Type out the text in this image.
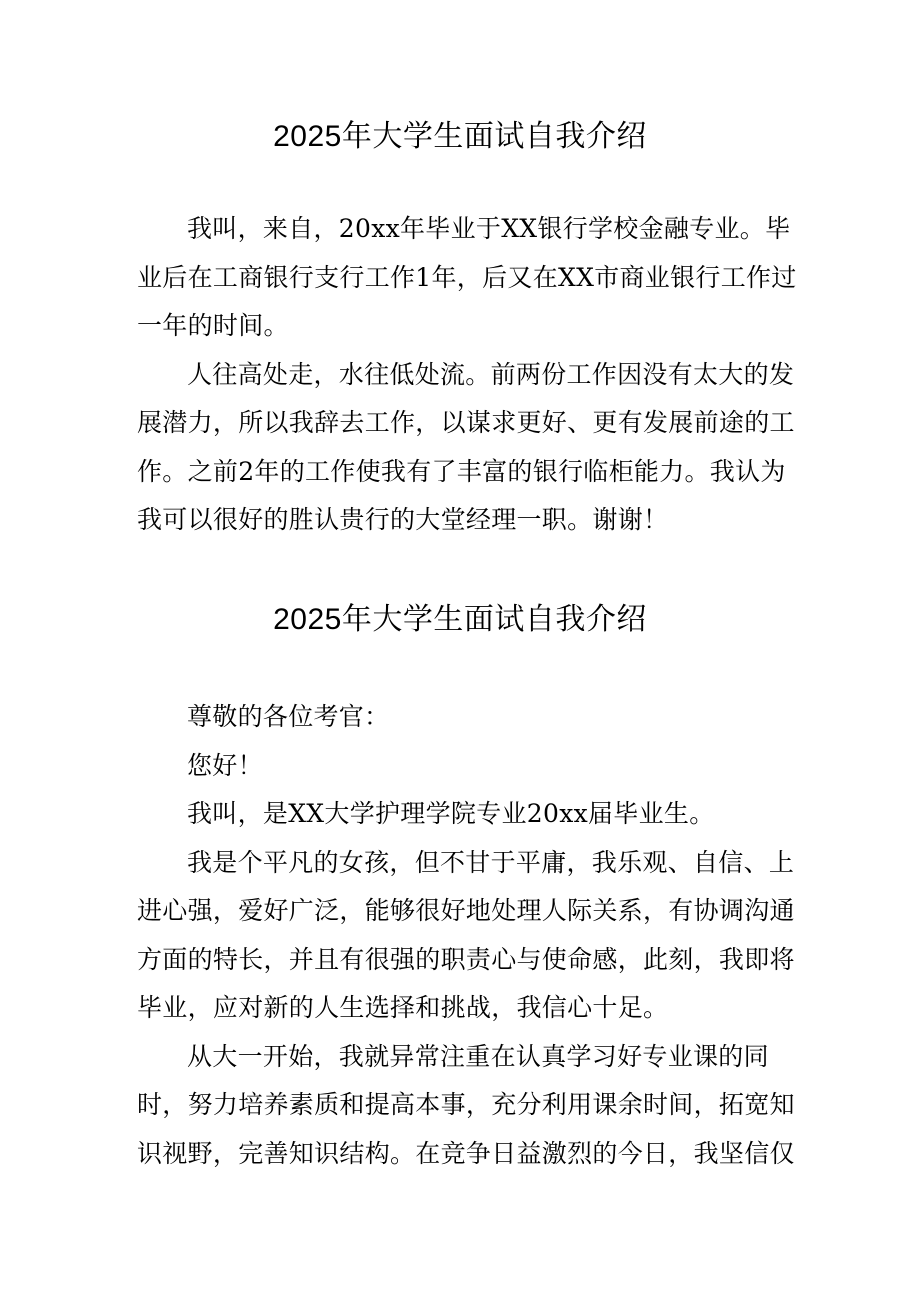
2025年大学生面试自我介绍

我叫，来自，20xx年毕业于XX银行学校金融专业。毕业后在工商银行支行工作1年，后又在XX市商业银行工作过一年的时间。

人往高处走，水往低处流。前两份工作因没有太大的发展潜力，所以我辞去工作，以谋求更好、更有发展前途的工作。之前2年的工作使我有了丰富的银行临柜能力。我认为我可以很好的胜认贵行的大堂经理一职。谢谢！

2025年大学生面试自我介绍

尊敬的各位考官：

您好！

我叫，是XX大学护理学院专业20xx届毕业生。

我是个平凡的女孩，但不甘于平庸，我乐观、自信、上进心强，爱好广泛，能够很好地处理人际关系，有协调沟通方面的特长，并且有很强的职责心与使命感，此刻，我即将毕业，应对新的人生选择和挑战，我信心十足。

从大一开始，我就异常注重在认真学习好专业课的同时，努力培养素质和提高本事，充分利用课余时间，拓宽知识视野，完善知识结构。在竞争日益激烈的今日，我坚信仅
